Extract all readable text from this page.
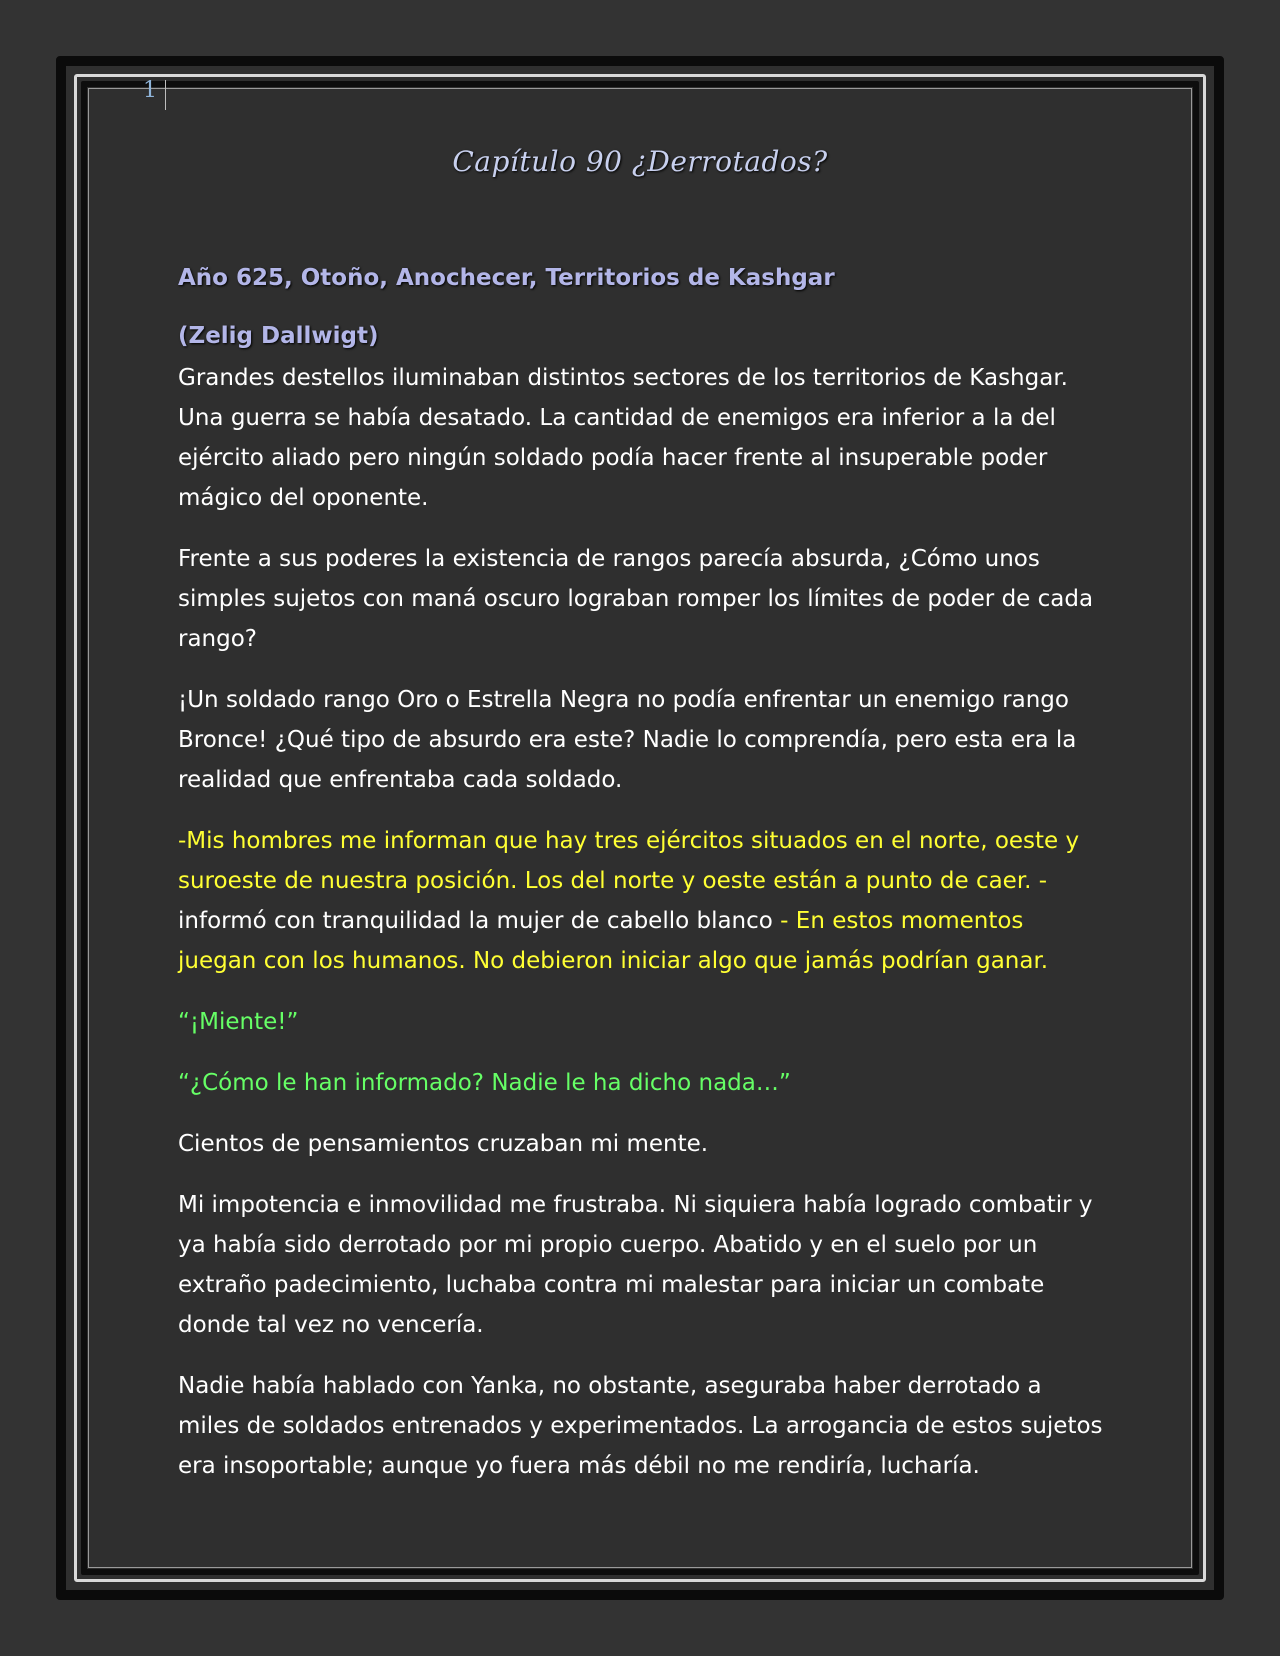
1
Capítulo 90 ¿Derrotados?

Año 625, Otoño, Anochecer, Territorios de Kashgar

(Zelig Dallwigt)

Grandes destellos iluminaban distintos sectores de los territorios de Kashgar. Una guerra se había desatado. La cantidad de enemigos era inferior a la del ejército aliado pero ningún soldado podía hacer frente al insuperable poder mágico del oponente.

Frente a sus poderes la existencia de rangos parecía absurda, ¿Cómo unos simples sujetos con maná oscuro lograban romper los límites de poder de cada rango?

¡Un soldado rango Oro o Estrella Negra no podía enfrentar un enemigo rango Bronce! ¿Qué tipo de absurdo era este? Nadie lo comprendía, pero esta era la realidad que enfrentaba cada soldado.

-Mis hombres me informan que hay tres ejércitos situados en el norte, oeste y suroeste de nuestra posición. Los del norte y oeste están a punto de caer. - informó con tranquilidad la mujer de cabello blanco - En estos momentos juegan con los humanos. No debieron iniciar algo que jamás podrían ganar.

“¡Miente!”

“¿Cómo le han informado? Nadie le ha dicho nada…”

Cientos de pensamientos cruzaban mi mente.

Mi impotencia e inmovilidad me frustraba. Ni siquiera había logrado combatir y ya había sido derrotado por mi propio cuerpo. Abatido y en el suelo por un extraño padecimiento, luchaba contra mi malestar para iniciar un combate donde tal vez no vencería.

Nadie había hablado con Yanka, no obstante, aseguraba haber derrotado a miles de soldados entrenados y experimentados. La arrogancia de estos sujetos era insoportable; aunque yo fuera más débil no me rendiría, lucharía.
